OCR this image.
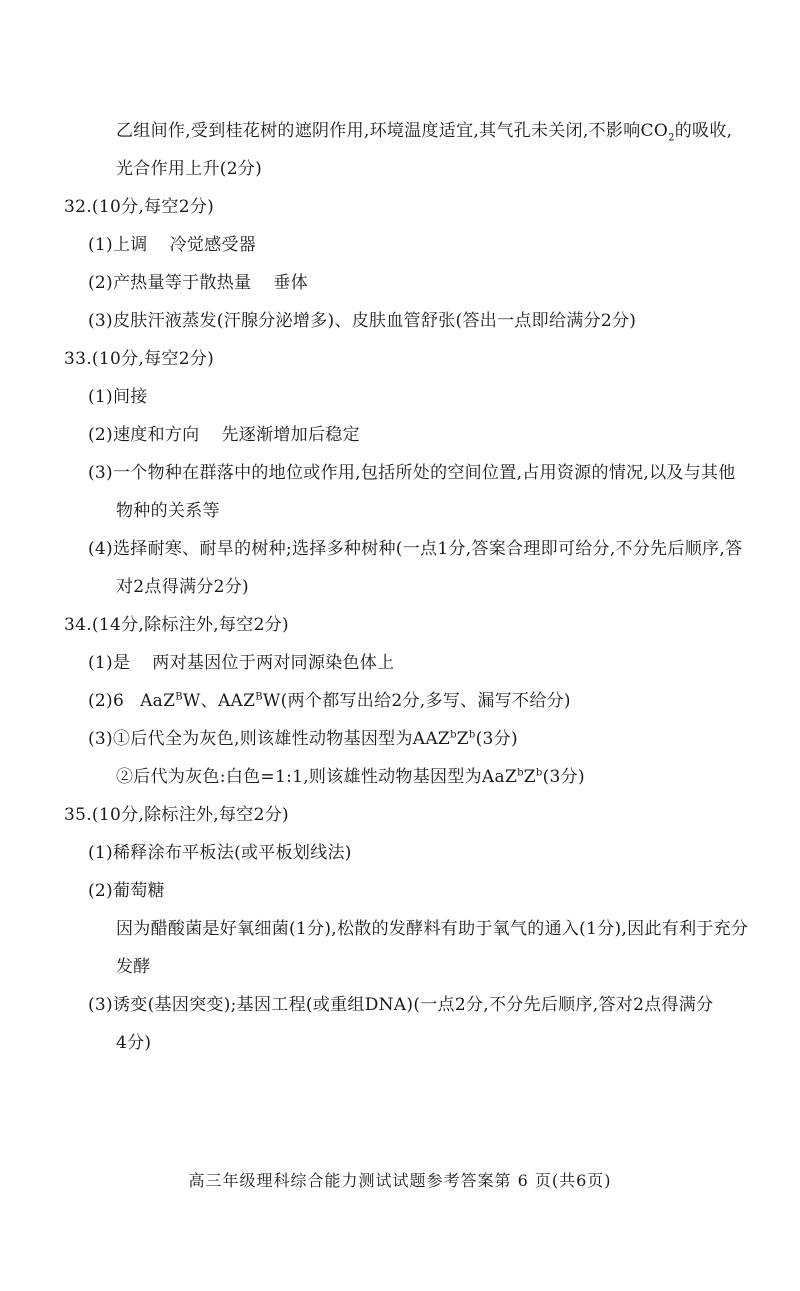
乙组间作,受到桂花树的遮阴作用,环境温度适宜,其气孔未关闭,不影响$CO_2$的吸收,
光合作用上升(2分)
32.(10分,每空2分)
(1)上调 冷觉感受器
(2)产热量等于散热量 垂体
(3)皮肤汗液蒸发(汗腺分泌增多)、皮肤血管舒张(答出一点即给满分2分)
33.(10分,每空2分)
(1)间接
(2)速度和方向 先逐渐增加后稳定
(3)一个物种在群落中的地位或作用,包括所处的空间位置,占用资源的情况,以及与其他
物种的关系等
(4)选择耐寒、耐旱的树种;选择多种树种(一点1分,答案合理即可给分,不分先后顺序,答
对2点得满分2分)
34.(14分,除标注外,每空2分)
(1)是 两对基因位于两对同源染色体上
(2)6 AaZ$^B$W、$AAZ^BW$(两个都写出给2分,多写、漏写不给分)
(3)①后代全为灰色,则该雄性动物基因型为$AAZ^bZ^b(3$分)
②后代为灰色:白色=1:1,则该雄性动物基因型为$AaZ^bZ^b(3$分)
35.(10分,除标注外,每空2分)
(1)稀释涂布平板法(或平板划线法)
(2)葡萄糖
因为醋酸菌是好氧细菌(1分),松散的发酵料有助于氧气的通入(1分),因此有利于充分
发酵
(3)诱变(基因突变);基因工程(或重组DNA)(一点2分,不分先后顺序,答对2点得满分
4分)
高三年级理科综合能力测试试题参考答案第 6 页(共6页)
